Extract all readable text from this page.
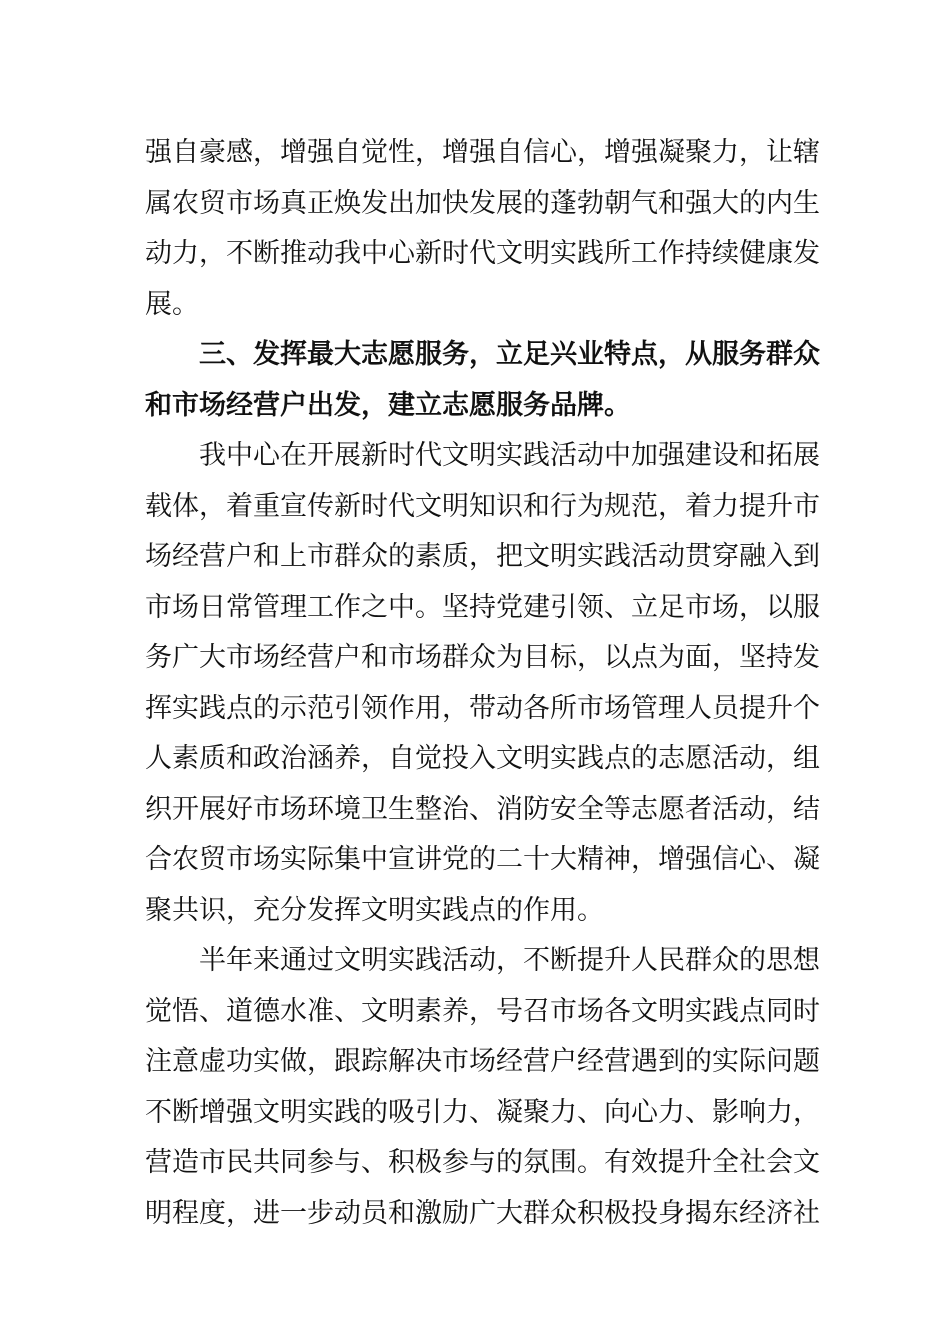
强自豪感，增强自觉性，增强自信心，增强凝聚力，让辖
属农贸市场真正焕发出加快发展的蓬勃朝气和强大的内生
动力，不断推动我中心新时代文明实践所工作持续健康发
展。
三、发挥最大志愿服务，立足兴业特点，从服务群众
和市场经营户出发，建立志愿服务品牌。
我中心在开展新时代文明实践活动中加强建设和拓展
载体，着重宣传新时代文明知识和行为规范，着力提升市
场经营户和上市群众的素质，把文明实践活动贯穿融入到
市场日常管理工作之中。坚持党建引领、立足市场，以服
务广大市场经营户和市场群众为目标，以点为面，坚持发
挥实践点的示范引领作用，带动各所市场管理人员提升个
人素质和政治涵养，自觉投入文明实践点的志愿活动，组
织开展好市场环境卫生整治、消防安全等志愿者活动，结
合农贸市场实际集中宣讲党的二十大精神，增强信心、凝
聚共识，充分发挥文明实践点的作用。
半年来通过文明实践活动，不断提升人民群众的思想
觉悟、道德水准、文明素养，号召市场各文明实践点同时
注意虚功实做，跟踪解决市场经营户经营遇到的实际问题
不断增强文明实践的吸引力、凝聚力、向心力、影响力，
营造市民共同参与、积极参与的氛围。有效提升全社会文
明程度，进一步动员和激励广大群众积极投身揭东经济社
